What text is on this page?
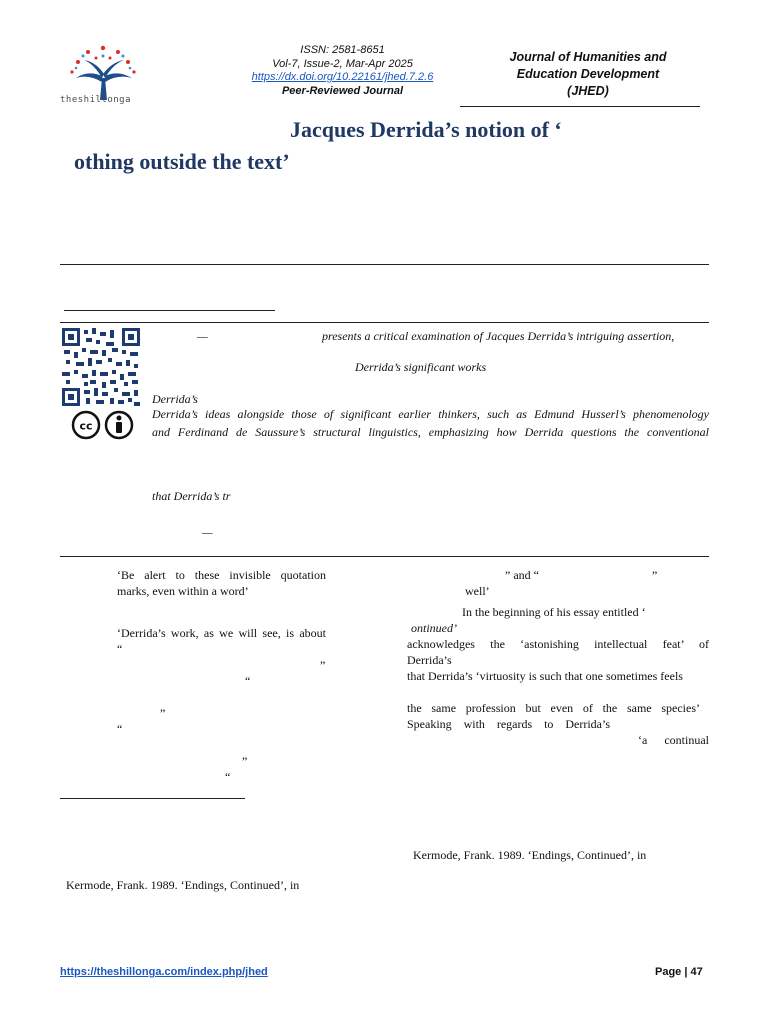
theshillonga
ISSN: 2581-8651
Vol-7, Issue-2, Mar-Apr 2025
https://dx.doi.org/10.22161/jhed.7.2.6
Peer-Reviewed Journal
Journal of Humanities and
Education Development
(JHED)
Jacques Derrida’s notion of ‘
othing outside the text’
cc
—	presents a critical examination of Jacques Derrida’s intriguing assertion,
Derrida’s significant works
Derrida’s
Derrida’s ideas alongside those of significant earlier thinkers, such as Edmund Husserl’s phenomenology
and Ferdinand de Saussure’s structural linguistics, emphasizing how Derrida questions the conventional
that Derrida’s tr
—
‘Be alert to these invisible quotation
marks, even within a word’
‘Derrida’s work, as we will see, is about
“
”
“
”
“
”
“
Kermode, Frank. 1989. ‘Endings, Continued’, in
” and “	”
well’
In the beginning of his essay entitled ‘
ontinued’
acknowledges the ‘astonishing intellectual feat’ of
Derrida’s
that Derrida’s ‘virtuosity is such that one sometimes feels
the same profession but even of the same species’
Speaking with regards to Derrida’s
‘a continual
Kermode, Frank. 1989. ‘Endings, Continued’, in
https://theshillonga.com/index.php/jhed	Page | 47
